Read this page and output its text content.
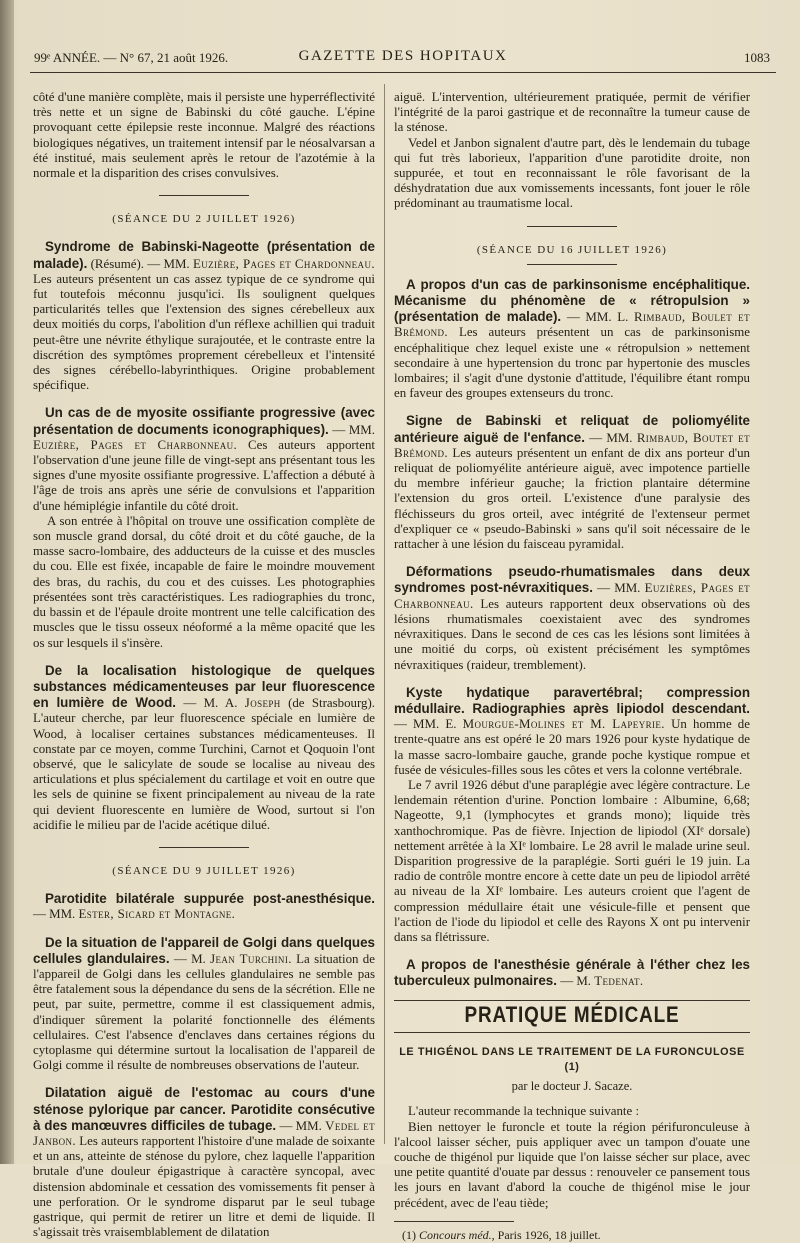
99ᵉ ANNÉE. — N° 67, 21 août 1926.	GAZETTE DES HOPITAUX	1083

côté d'une manière complète, mais il persiste une hyperréflectivité très nette et un signe de Babinski du côté gauche. L'épine provoquant cette épilepsie reste inconnue. Malgré des réactions biologiques négatives, un traitement intensif par le néosalvarsan a été institué, mais seulement après le retour de l'azotémie à la normale et la disparition des crises convulsives.

(SÉANCE DU 2 JUILLET 1926)

Syndrome de Babinski-Nageotte (présentation de malade). (Résumé). — MM. Euzière, Pages et Chardonneau. Les auteurs présentent un cas assez typique de ce syndrome qui fut toutefois méconnu jusqu'ici. Ils soulignent quelques particularités telles que l'extension des signes cérebelleux aux deux moitiés du corps, l'abolition d'un réflexe achillien qui traduit peut-être une névrite éthylique surajoutée, et le contraste entre la discrétion des symptômes proprement cérebelleux et l'intensité des signes cérébello-labyrinthiques. Origine probablement spécifique.

Un cas de de myosite ossifiante progressive (avec présentation de documents iconographiques). — MM. Euzière, Pages et Charbonneau. Ces auteurs apportent l'observation d'une jeune fille de vingt-sept ans présentant tous les signes d'une myosite ossifiante progressive. L'affection a débuté à l'âge de trois ans après une série de convulsions et l'apparition d'une hémiplégie infantile du côté droit.

A son entrée à l'hôpital on trouve une ossification complète de son muscle grand dorsal, du côté droit et du côté gauche, de la masse sacro-lombaire, des adducteurs de la cuisse et des muscles du cou. Elle est fixée, incapable de faire le moindre mouvement des bras, du rachis, du cou et des cuisses. Les photographies présentées sont très caractéristiques. Les radiographies du tronc, du bassin et de l'épaule droite montrent une telle calcification des muscles que le tissu osseux néoformé a la même opacité que les os sur lesquels il s'insère.

De la localisation histologique de quelques substances médicamenteuses par leur fluorescence en lumière de Wood. — M. A. Joseph (de Strasbourg). L'auteur cherche, par leur fluorescence spéciale en lumière de Wood, à localiser certaines substances médicamenteuses. Il constate par ce moyen, comme Turchini, Carnot et Qoquoin l'ont observé, que le salicylate de soude se localise au niveau des articulations et plus spécialement du cartilage et voit en outre que les sels de quinine se fixent principalement au niveau de la rate qui devient fluorescente en lumière de Wood, surtout si l'on acidifie le milieu par de l'acide acétique dilué.

(SÉANCE DU 9 JUILLET 1926)

Parotidite bilatérale suppurée post-anesthésique. — MM. Ester, Sicard et Montagne.

De la situation de l'appareil de Golgi dans quelques cellules glandulaires. — M. Jean Turchini. La situation de l'appareil de Golgi dans les cellules glandulaires ne semble pas être fatalement sous la dépendance du sens de la sécrétion. Elle ne peut, par suite, permettre, comme il est classiquement admis, d'indiquer sûrement la polarité fonctionnelle des éléments cellulaires. C'est l'absence d'enclaves dans certaines régions du cytoplasme qui détermine surtout la localisation de l'appareil de Golgi comme il résulte de nombreuses observations de l'auteur.

Dilatation aiguë de l'estomac au cours d'une sténose pylorique par cancer. Parotidite consécutive à des manœuvres difficiles de tubage. — MM. Vedel et Janbon. Les auteurs rapportent l'histoire d'une malade de soixante et un ans, atteinte de sténose du pylore, chez laquelle l'apparition brutale d'une douleur épigastrique à caractère syncopal, avec distension abdominale et cessation des vomissements fit penser à une perforation. Or le syndrome disparut par le seul tubage gastrique, qui permit de retirer un litre et demi de liquide. Il s'agissait très vraisemblablement de dilatation

aiguë. L'intervention, ultérieurement pratiquée, permit de vérifier l'intégrité de la paroi gastrique et de reconnaître la tumeur cause de la sténose.

Vedel et Janbon signalent d'autre part, dès le lendemain du tubage qui fut très laborieux, l'apparition d'une parotidite droite, non suppurée, et tout en reconnaissant le rôle favorisant de la déshydratation due aux vomissements incessants, font jouer le rôle prédominant au traumatisme local.

(SÉANCE DU 16 JUILLET 1926)

A propos d'un cas de parkinsonisme encéphalitique. Mécanisme du phénomène de « rétropulsion » (présentation de malade). — MM. L. Rimbaud, Boulet et Brémond. Les auteurs présentent un cas de parkinsonisme encéphalitique chez lequel existe une « rétropulsion » nettement secondaire à une hypertension du tronc par hypertonie des muscles lombaires; il s'agit d'une dystonie d'attitude, l'équilibre étant rompu en faveur des groupes extenseurs du tronc.

Signe de Babinski et reliquat de poliomyélite antérieure aiguë de l'enfance. — MM. Rimbaud, Boutet et Brémond. Les auteurs présentent un enfant de dix ans porteur d'un reliquat de poliomyélite antérieure aiguë, avec impotence partielle du membre inférieur gauche; la friction plantaire détermine l'extension du gros orteil. L'existence d'une paralysie des fléchisseurs du gros orteil, avec intégrité de l'extenseur permet d'expliquer ce « pseudo-Babinski » sans qu'il soit nécessaire de le rattacher à une lésion du faisceau pyramidal.

Déformations pseudo-rhumatismales dans deux syndromes post-névraxitiques. — MM. Euzières, Pages et Charbonneau. Les auteurs rapportent deux observations où des lésions rhumatismales coexistaient avec des syndromes névraxitiques. Dans le second de ces cas les lésions sont limitées à une moitié du corps, où existent précisément les symptômes névraxitiques (raideur, tremblement).

Kyste hydatique paravertébral; compression médullaire. Radiographies après lipiodol descendant. — MM. E. Mourgue-Molines et M. Lapeyrie. Un homme de trente-quatre ans est opéré le 20 mars 1926 pour kyste hydatique de la masse sacro-lombaire gauche, grande poche kystique rompue et fusée de vésicules-filles sous les côtes et vers la colonne vertébrale.

Le 7 avril 1926 début d'une paraplégie avec légère contracture. Le lendemain rétention d'urine. Ponction lombaire : Albumine, 6,68; Nageotte, 9,1 (lymphocytes et grands mono); liquide très xanthochromique. Pas de fièvre. Injection de lipiodol (XIᵉ dorsale) nettement arrêtée à la XIᵉ lombaire. Le 28 avril le malade urine seul. Disparition progressive de la paraplégie. Sorti guéri le 19 juin. La radio de contrôle montre encore à cette date un peu de lipiodol arrêté au niveau de la XIᵉ lombaire. Les auteurs croient que l'agent de compression médullaire était une vésicule-fille et pensent que l'action de l'iode du lipiodol et celle des Rayons X ont pu intervenir dans sa flétrissure.

A propos de l'anesthésie générale à l'éther chez les tuberculeux pulmonaires. — M. Tedenat.

PRATIQUE MÉDICALE
LE THIGÉNOL DANS LE TRAITEMENT DE LA FURONCULOSE (1)
par le docteur J. Sacaze.

L'auteur recommande la technique suivante :

Bien nettoyer le furoncle et toute la région périfuronculeuse à l'alcool laisser sécher, puis appliquer avec un tampon d'ouate une couche de thigénol pur liquide que l'on laisse sécher sur place, avec une petite quantité d'ouate par dessus : renouveler ce pansement tous les jours en lavant d'abord la couche de thigénol mise le jour précédent, avec de l'eau tiède;

(1) Concours méd., Paris 1926, 18 juillet.
